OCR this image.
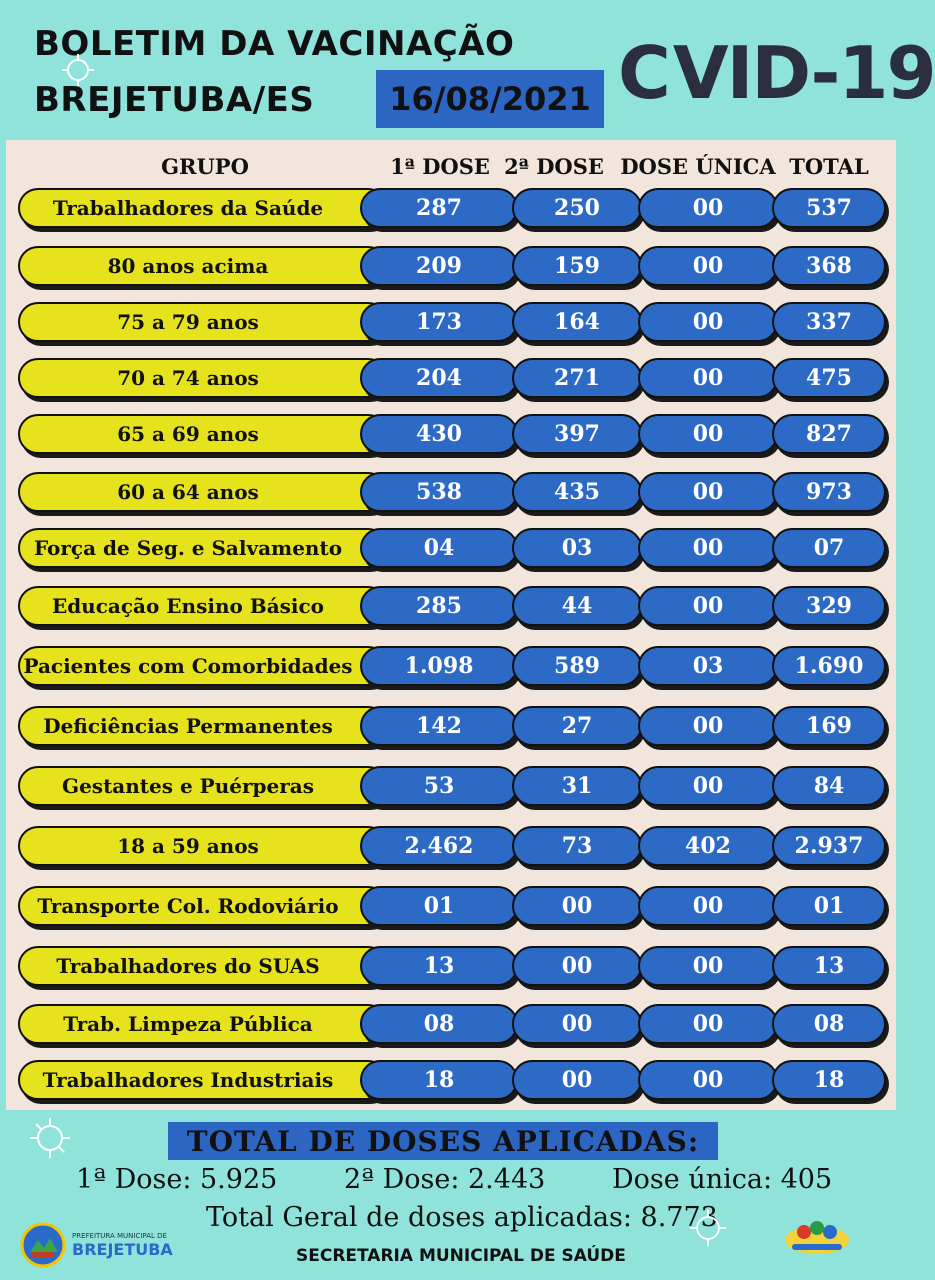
BOLETIM DA VACINAÇÃO
BREJETUBA/ES	16/08/2021 C VID-19
GRUPO	1ª DOSE 2ª DOSE DOSE ÚNICA TOTAL
Trabalhadores da Saúde	287	250	00	537
80 anos acima	209	159	00	368
75 a 79 anos	173	164	00	337
70 a 74 anos	204	271	00	475
65 a 69 anos	430	397	00	827
60 a 64 anos	538	435	00	973
Força de Seg. e Salvamento	04	03	00	07
Educação Ensino Básico	285	44	00	329
Pacientes com Comorbidades	1.098	589	03	1.690
Deficiências Permanentes	142	27	00	169
Gestantes e Puérperas	53	31	00	84
18 a 59 anos	2.462	73	402	2.937
Transporte Col. Rodoviário	01	00	00	01
Trabalhadores do SUAS	13	00	00	13
Trab. Limpeza Pública	08	00	00	08
Trabalhadores Industriais	18	00	00	18
TOTAL DE DOSES APLICADAS:
1ª Dose: 5.925 2ª Dose: 2.443 Dose única: 405
Total Geral de doses aplicadas: 8.773
SECRETARIA MUNICIPAL DE SAÚDE
PREFEITURA MUNICIPAL DE
BREJETUBA
